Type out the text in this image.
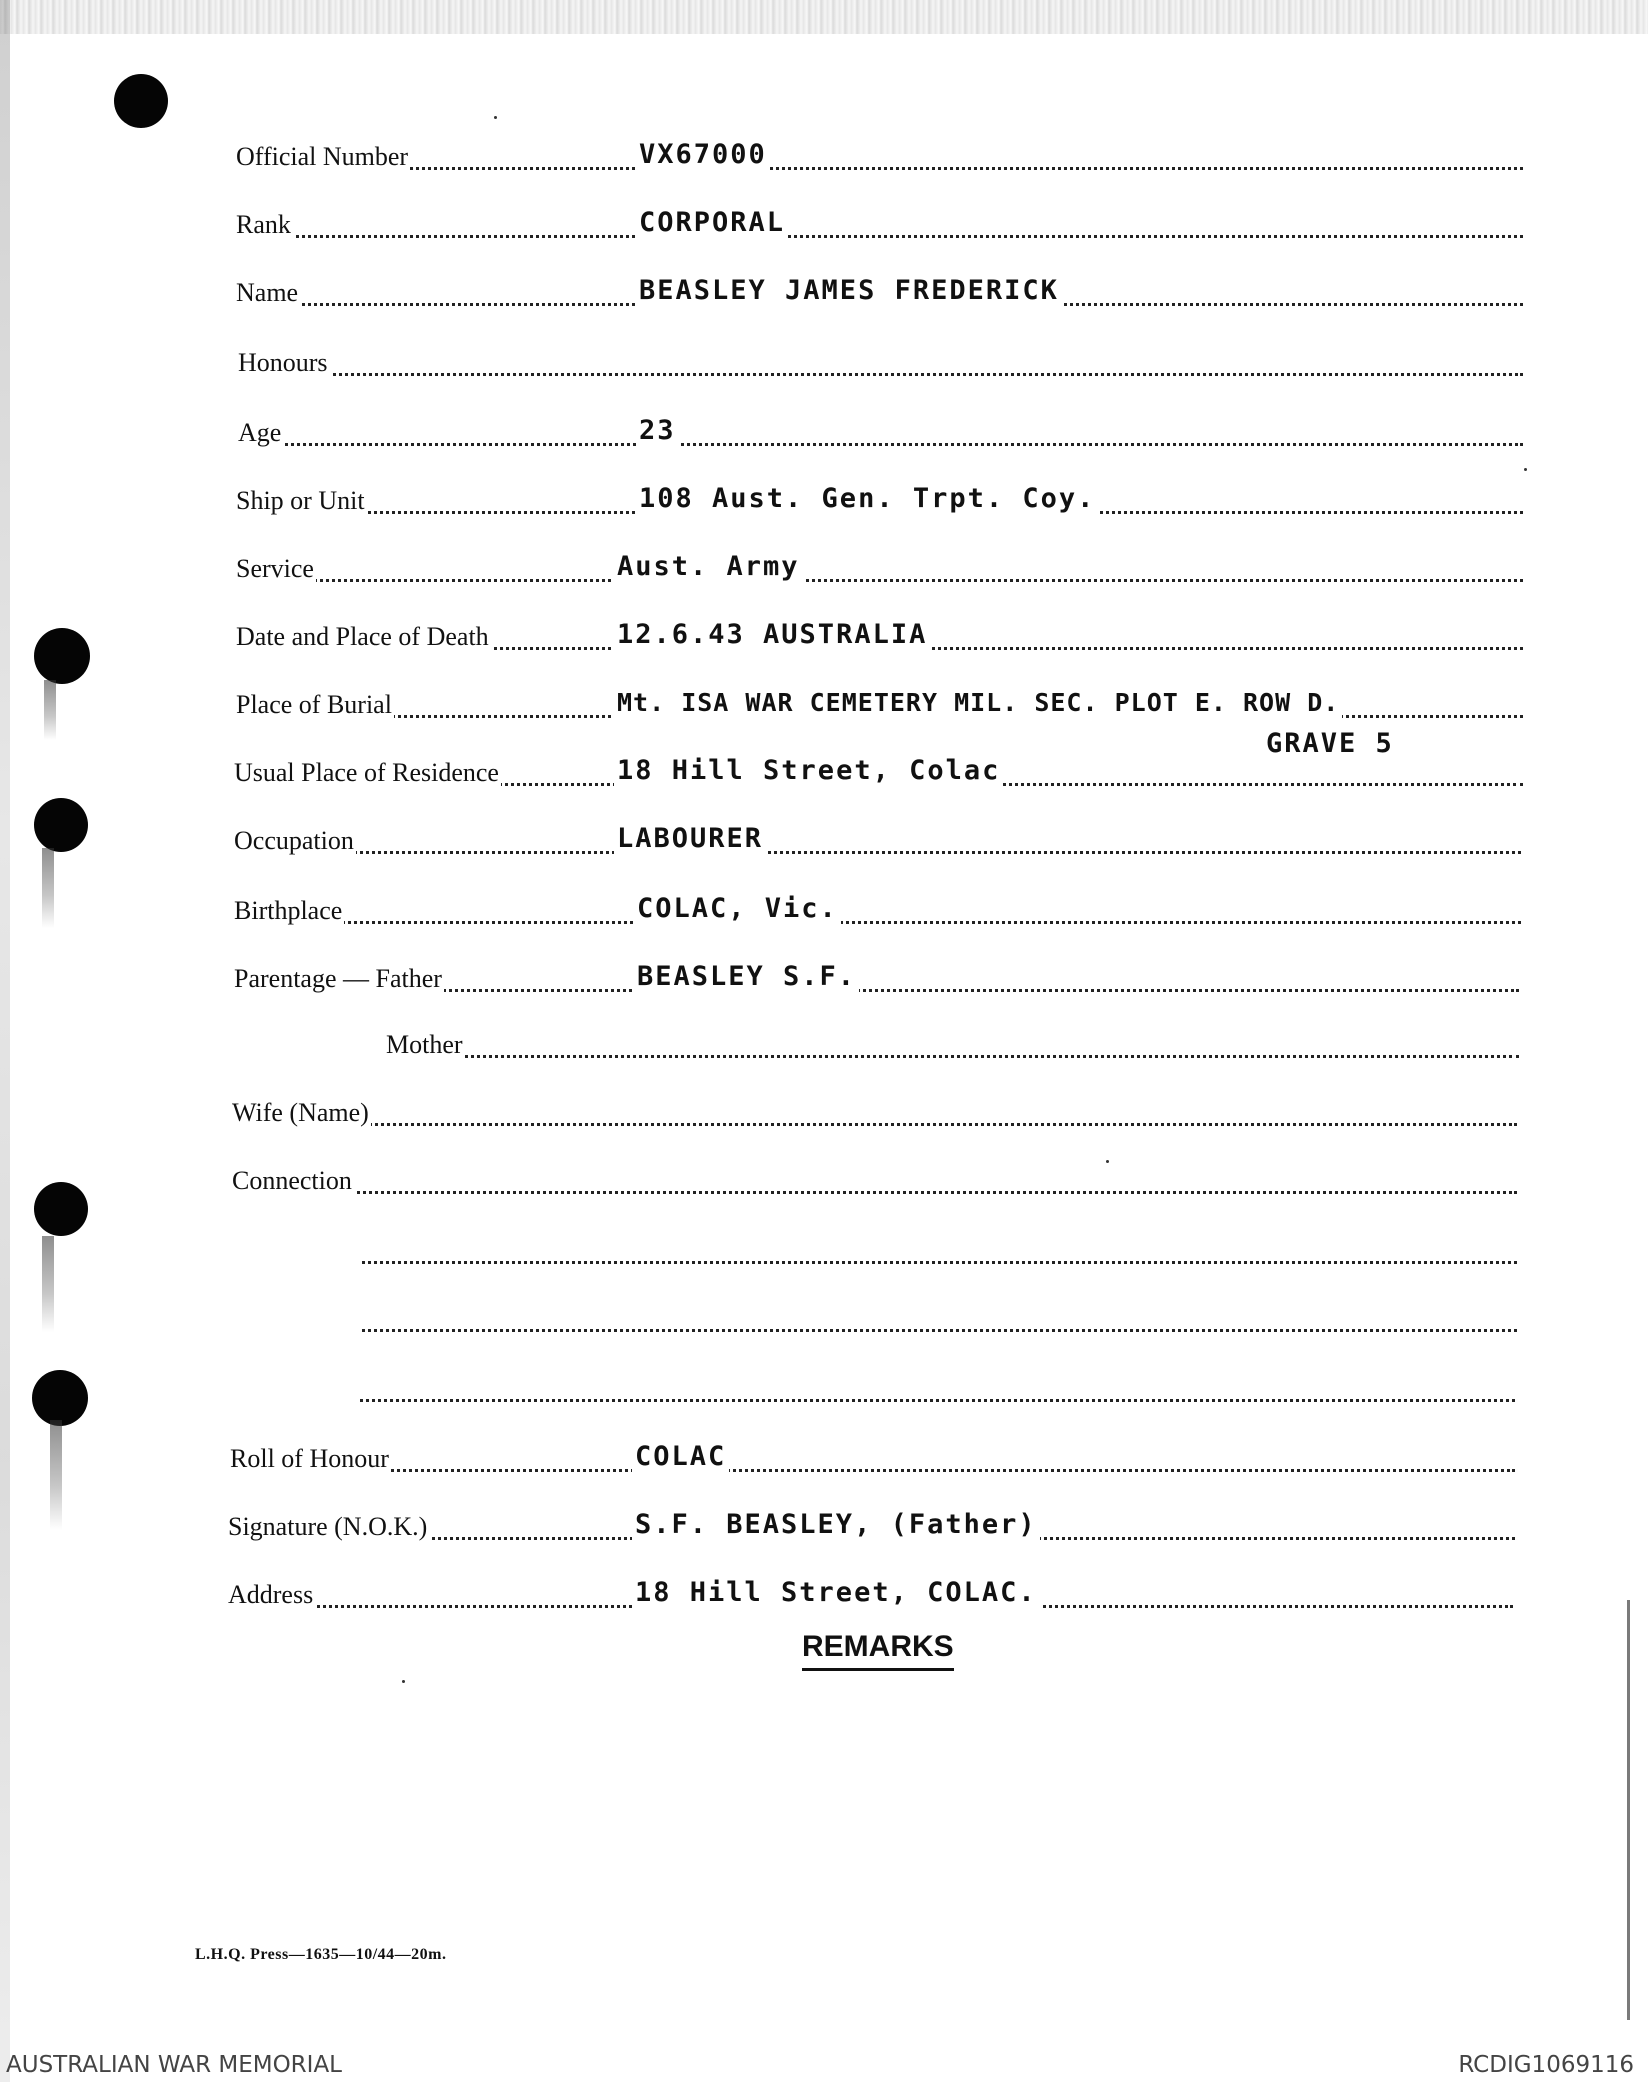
Official Number	VX67000
Rank	CORPORAL
Name	BEASLEY JAMES FREDERICK
Honours
Age	23
Ship or Unit	108 Aust. Gen. Trpt. Coy.
Service	Aust. Army
Date and Place of Death	12.6.43 AUSTRALIA
Place of Burial	Mt. ISA WAR CEMETERY MIL. SEC. PLOT E. ROW D.
GRAVE 5
Usual Place of Residence	18 Hill Street, Colac
Occupation	LABOURER
Birthplace	COLAC, Vic.
Parentage — Father	BEASLEY S.F.
Mother
Wife (Name)
Connection
Roll of Honour	COLAC
Signature (N.O.K.)	S.F. BEASLEY, (Father)
Address	18 Hill Street, COLAC.
REMARKS
L.H.Q. Press—1635—10/44—20m.
AUSTRALIAN WAR MEMORIAL	RCDIG1069116
